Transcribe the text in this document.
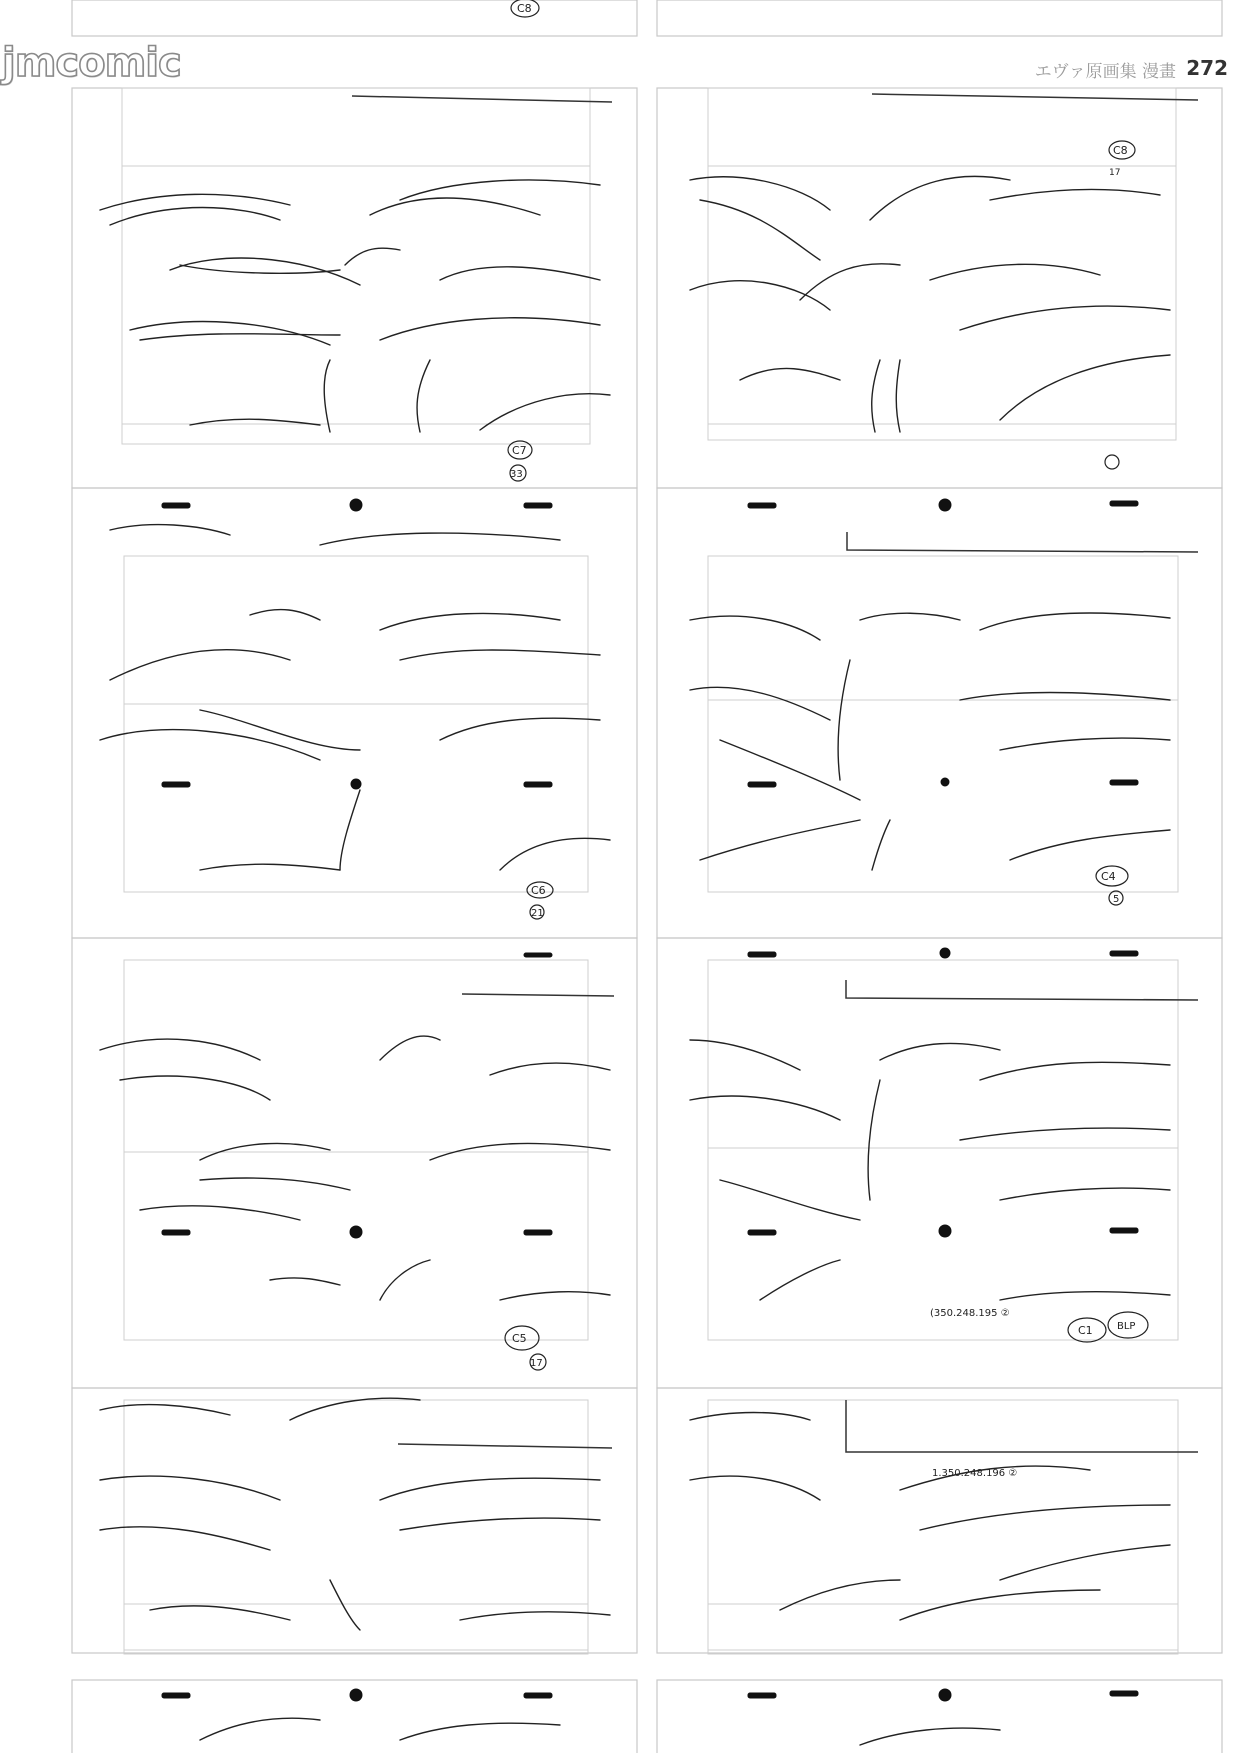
jmcomic	エヴァ原画集 漫畫 272
C8
C8
C7
33
17
C6
21
C4
5
C5
17
C1 BLP
(350.248.195 ②
1.350.248.196 ②
